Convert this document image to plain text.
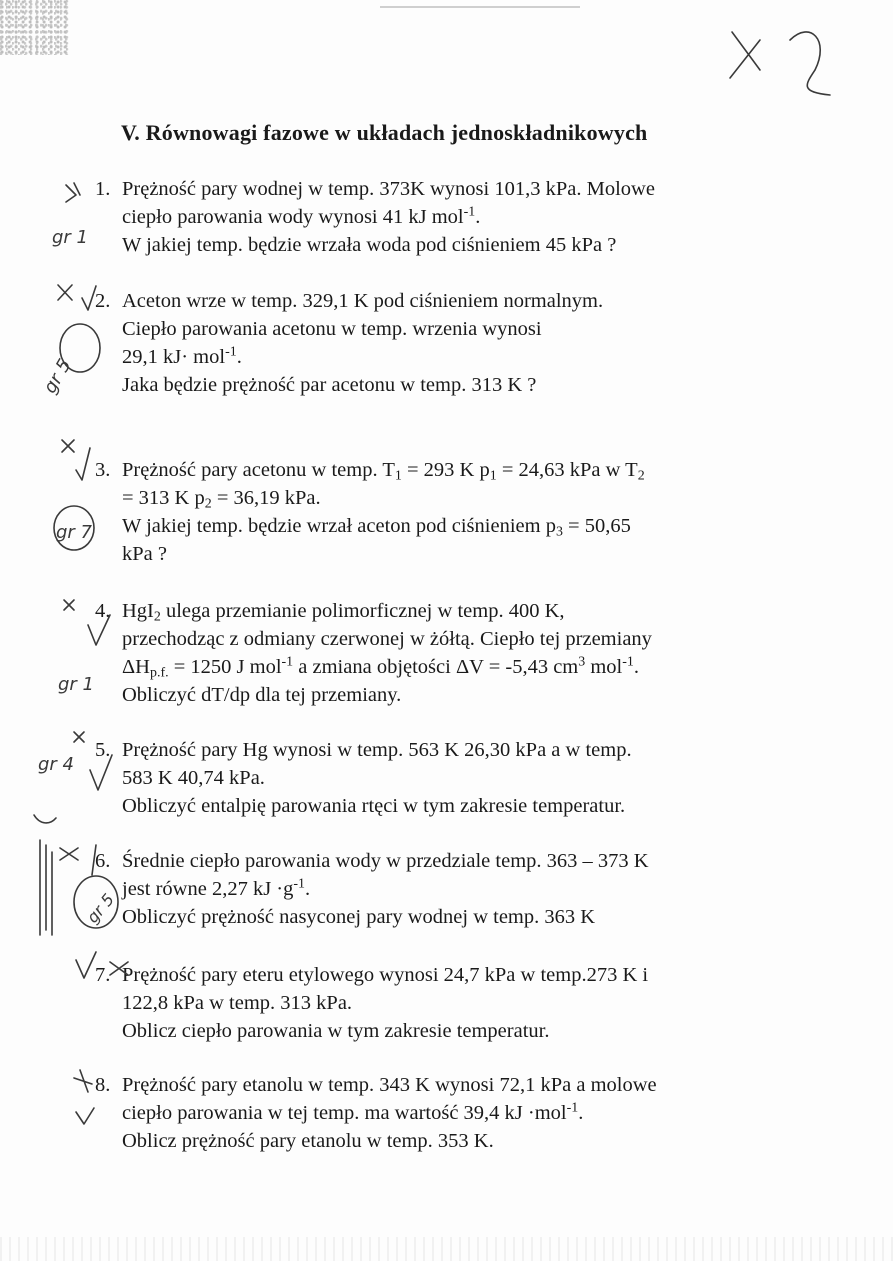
V. Równowagi fazowe w układach jednoskładnikowych
1. Prężność pary wodnej w temp. 373K wynosi 101,3 kPa. Molowe
ciepło parowania wody wynosi 41 kJ mol$^{-1}$.
W jakiej temp. będzie wrzała woda pod ciśnieniem 45 kPa ?
2. Aceton wrze w temp. 329,1 K pod ciśnieniem normalnym.
Ciepło parowania acetonu w temp. wrzenia wynosi
29,1 kJ· mol$^{-1}$.
Jaka będzie prężność par acetonu w temp. 313 K ?
3. Prężność pary acetonu w temp. $T_1 = 293$ K $p_1 = 24,63$ kPa w $T_2$
= 313 K $p_2 = 36,19$ kPa.
W jakiej temp. będzie wrzał aceton pod ciśnieniem $p_3 = 50,65$
kPa ?
4. HgI$_2$ ulega przemianie polimorficznej w temp. 400 K,
przechodząc z odmiany czerwonej w żółtą. Ciepło tej przemiany
$\Delta H_{p.f.} = 1250$ J mol$^{-1}$ a zmiana objętości ΔV = -5,43 $cm^3$ mol$^{-1}$.
Obliczyć dT/dp dla tej przemiany.
5. Prężność pary Hg wynosi w temp. 563 K 26,30 kPa a w temp.
583 K 40,74 kPa.
Obliczyć entalpię parowania rtęci w tym zakresie temperatur.
6. Średnie ciepło parowania wody w przedziale temp. 363 – 373 K
jest równe 2,27 kJ $\cdot g^{-1}$.
Obliczyć prężność nasyconej pary wodnej w temp. 363 K
7. Prężność pary eteru etylowego wynosi 24,7 kPa w temp.273 K i
122,8 kPa w temp. 313 kPa.
Oblicz ciepło parowania w tym zakresie temperatur.
8. Prężność pary etanolu w temp. 343 K wynosi 72,1 kPa a molowe
ciepło parowania w tej temp. ma wartość 39,4 kJ ·mol$^{-1}$.
Oblicz prężność pary etanolu w temp. 353 K.
gr 1
gr 5
gr 7
gr 1
gr 4
gr 5
